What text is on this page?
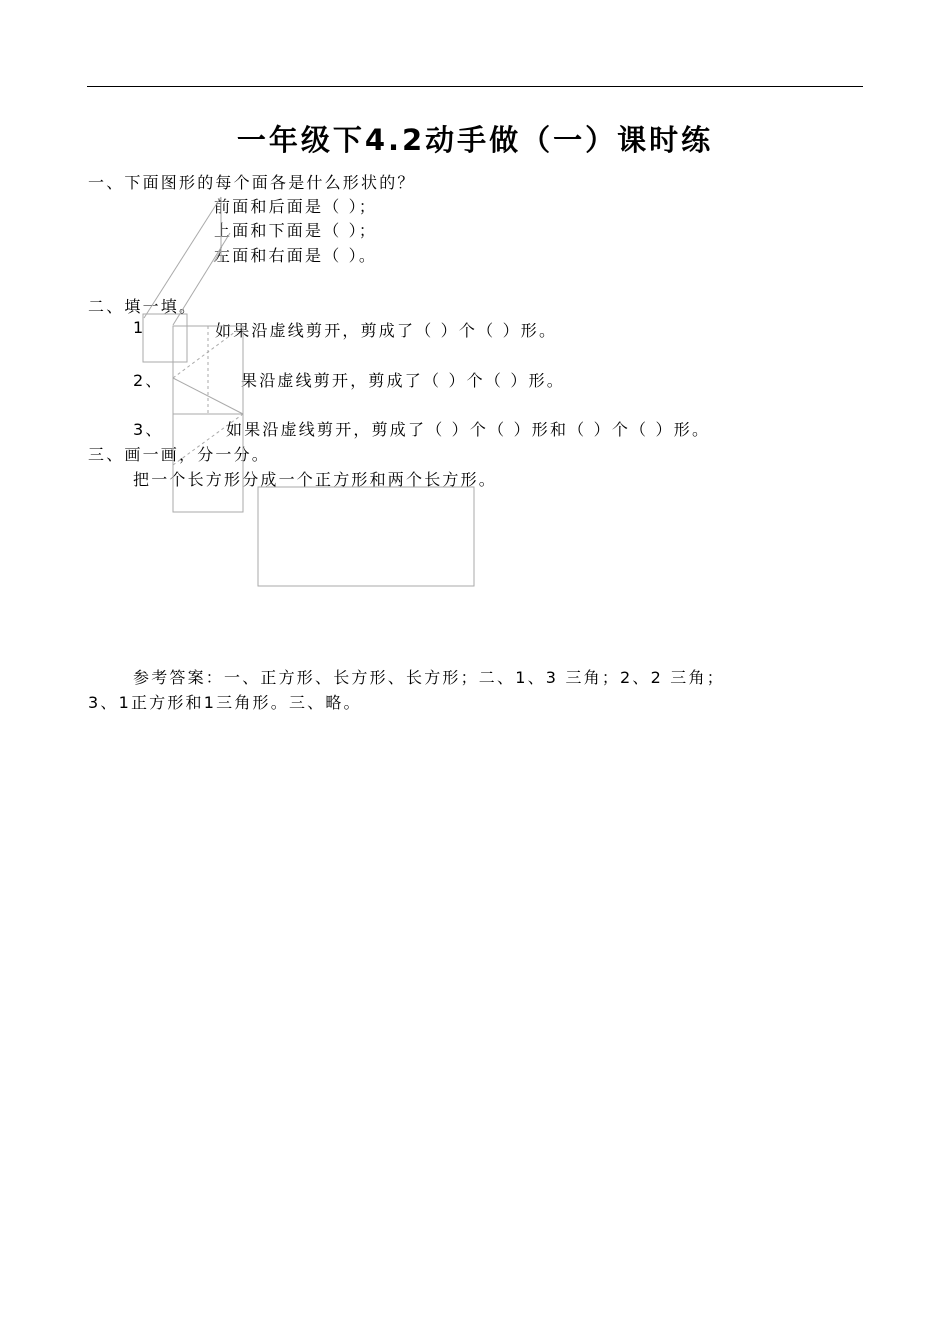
一年级下4.2动手做（一）课时练
一、下面图形的每个面各是什么形状的？
前面和后面是（ ）；
上面和下面是（ ）；
左面和右面是（ ）。
二、填一填。
1	如果沿虚线剪开，剪成了（ ）个（ ）形。
2、	果沿虚线剪开，剪成了（ ）个（ ）形。
3、	如果沿虚线剪开，剪成了（ ）个（ ）形和（ ）个（ ）形。
三、画一画，分一分。
把一个长方形分成一个正方形和两个长方形。
参考答案：一、正方形、长方形、长方形；二、1、3 三角；2、2 三角；
3、1正方形和1三角形。三、略。
